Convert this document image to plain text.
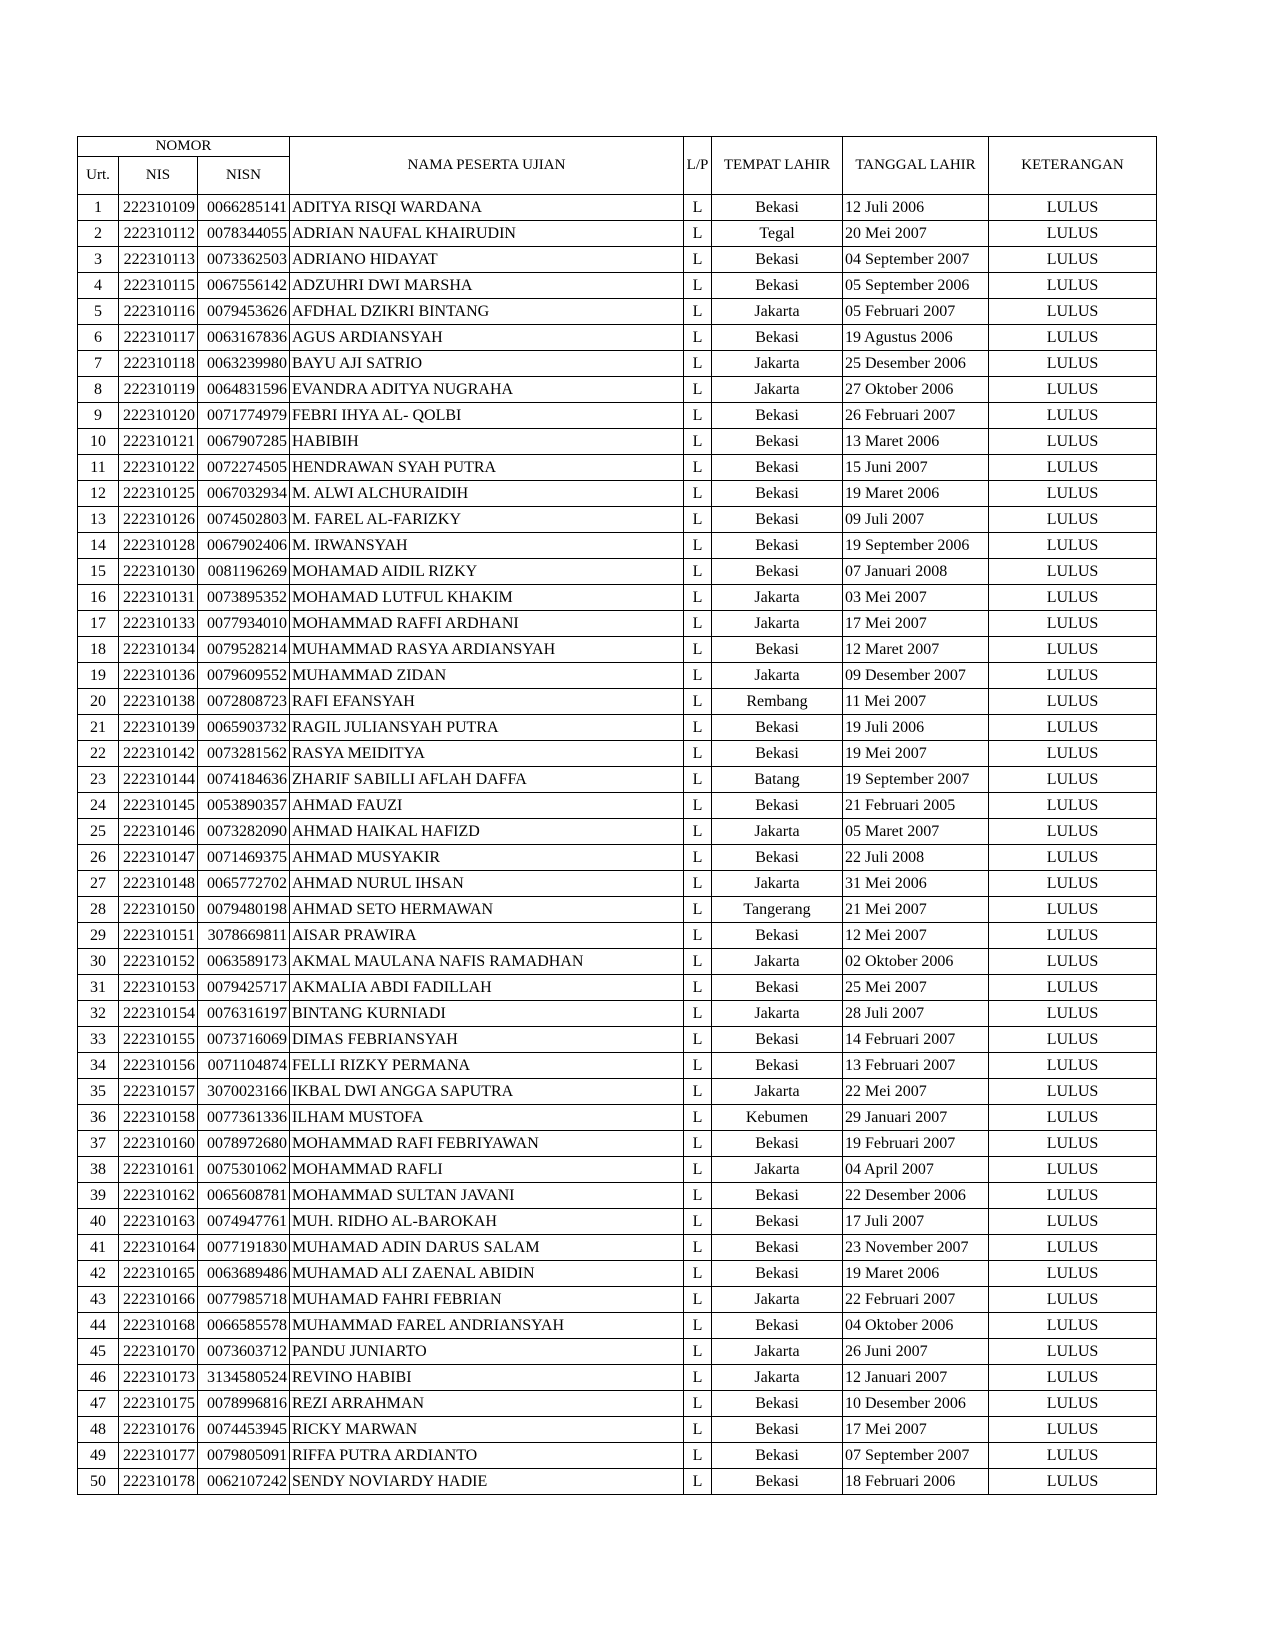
NOMOR			NAMA PESERTA UJIAN	L/P	TEMPAT LAHIR	TANGGAL LAHIR	KETERANGAN
Urt.	NIS	NISN					
1	222310109	0066285141	ADITYA RISQI WARDANA	L	Bekasi	12 Juli 2006	LULUS
2	222310112	0078344055	ADRIAN NAUFAL KHAIRUDIN	L	Tegal	20 Mei 2007	LULUS
3	222310113	0073362503	ADRIANO HIDAYAT	L	Bekasi	04 September 2007	LULUS
4	222310115	0067556142	ADZUHRI DWI MARSHA	L	Bekasi	05 September 2006	LULUS
5	222310116	0079453626	AFDHAL DZIKRI BINTANG	L	Jakarta	05 Februari 2007	LULUS
6	222310117	0063167836	AGUS ARDIANSYAH	L	Bekasi	19 Agustus 2006	LULUS
7	222310118	0063239980	BAYU AJI SATRIO	L	Jakarta	25 Desember 2006	LULUS
8	222310119	0064831596	EVANDRA ADITYA NUGRAHA	L	Jakarta	27 Oktober 2006	LULUS
9	222310120	0071774979	FEBRI IHYA AL- QOLBI	L	Bekasi	26 Februari 2007	LULUS
10	222310121	0067907285	HABIBIH	L	Bekasi	13 Maret 2006	LULUS
11	222310122	0072274505	HENDRAWAN SYAH PUTRA	L	Bekasi	15 Juni 2007	LULUS
12	222310125	0067032934	M. ALWI ALCHURAIDIH	L	Bekasi	19 Maret 2006	LULUS
13	222310126	0074502803	M. FAREL AL-FARIZKY	L	Bekasi	09 Juli 2007	LULUS
14	222310128	0067902406	M. IRWANSYAH	L	Bekasi	19 September 2006	LULUS
15	222310130	0081196269	MOHAMAD AIDIL RIZKY	L	Bekasi	07 Januari 2008	LULUS
16	222310131	0073895352	MOHAMAD LUTFUL KHAKIM	L	Jakarta	03 Mei 2007	LULUS
17	222310133	0077934010	MOHAMMAD RAFFI ARDHANI	L	Jakarta	17 Mei 2007	LULUS
18	222310134	0079528214	MUHAMMAD RASYA ARDIANSYAH	L	Bekasi	12 Maret 2007	LULUS
19	222310136	0079609552	MUHAMMAD ZIDAN	L	Jakarta	09 Desember 2007	LULUS
20	222310138	0072808723	RAFI EFANSYAH	L	Rembang	11 Mei 2007	LULUS
21	222310139	0065903732	RAGIL JULIANSYAH PUTRA	L	Bekasi	19 Juli 2006	LULUS
22	222310142	0073281562	RASYA MEIDITYA	L	Bekasi	19 Mei 2007	LULUS
23	222310144	0074184636	ZHARIF SABILLI AFLAH DAFFA	L	Batang	19 September 2007	LULUS
24	222310145	0053890357	AHMAD FAUZI	L	Bekasi	21 Februari 2005	LULUS
25	222310146	0073282090	AHMAD HAIKAL HAFIZD	L	Jakarta	05 Maret 2007	LULUS
26	222310147	0071469375	AHMAD MUSYAKIR	L	Bekasi	22 Juli 2008	LULUS
27	222310148	0065772702	AHMAD NURUL IHSAN	L	Jakarta	31 Mei 2006	LULUS
28	222310150	0079480198	AHMAD SETO HERMAWAN	L	Tangerang	21 Mei 2007	LULUS
29	222310151	3078669811	AISAR PRAWIRA	L	Bekasi	12 Mei 2007	LULUS
30	222310152	0063589173	AKMAL MAULANA NAFIS RAMADHAN	L	Jakarta	02 Oktober 2006	LULUS
31	222310153	0079425717	AKMALIA ABDI FADILLAH	L	Bekasi	25 Mei 2007	LULUS
32	222310154	0076316197	BINTANG KURNIADI	L	Jakarta	28 Juli 2007	LULUS
33	222310155	0073716069	DIMAS FEBRIANSYAH	L	Bekasi	14 Februari 2007	LULUS
34	222310156	0071104874	FELLI RIZKY PERMANA	L	Bekasi	13 Februari 2007	LULUS
35	222310157	3070023166	IKBAL DWI ANGGA SAPUTRA	L	Jakarta	22 Mei 2007	LULUS
36	222310158	0077361336	ILHAM MUSTOFA	L	Kebumen	29 Januari 2007	LULUS
37	222310160	0078972680	MOHAMMAD RAFI FEBRIYAWAN	L	Bekasi	19 Februari 2007	LULUS
38	222310161	0075301062	MOHAMMAD RAFLI	L	Jakarta	04 April 2007	LULUS
39	222310162	0065608781	MOHAMMAD SULTAN JAVANI	L	Bekasi	22 Desember 2006	LULUS
40	222310163	0074947761	MUH. RIDHO AL-BAROKAH	L	Bekasi	17 Juli 2007	LULUS
41	222310164	0077191830	MUHAMAD ADIN DARUS SALAM	L	Bekasi	23 November 2007	LULUS
42	222310165	0063689486	MUHAMAD ALI ZAENAL ABIDIN	L	Bekasi	19 Maret 2006	LULUS
43	222310166	0077985718	MUHAMAD FAHRI FEBRIAN	L	Jakarta	22 Februari 2007	LULUS
44	222310168	0066585578	MUHAMMAD FAREL ANDRIANSYAH	L	Bekasi	04 Oktober 2006	LULUS
45	222310170	0073603712	PANDU JUNIARTO	L	Jakarta	26 Juni 2007	LULUS
46	222310173	3134580524	REVINO HABIBI	L	Jakarta	12 Januari 2007	LULUS
47	222310175	0078996816	REZI ARRAHMAN	L	Bekasi	10 Desember 2006	LULUS
48	222310176	0074453945	RICKY MARWAN	L	Bekasi	17 Mei 2007	LULUS
49	222310177	0079805091	RIFFA PUTRA ARDIANTO	L	Bekasi	07 September 2007	LULUS
50	222310178	0062107242	SENDY NOVIARDY HADIE	L	Bekasi	18 Februari 2006	LULUS
